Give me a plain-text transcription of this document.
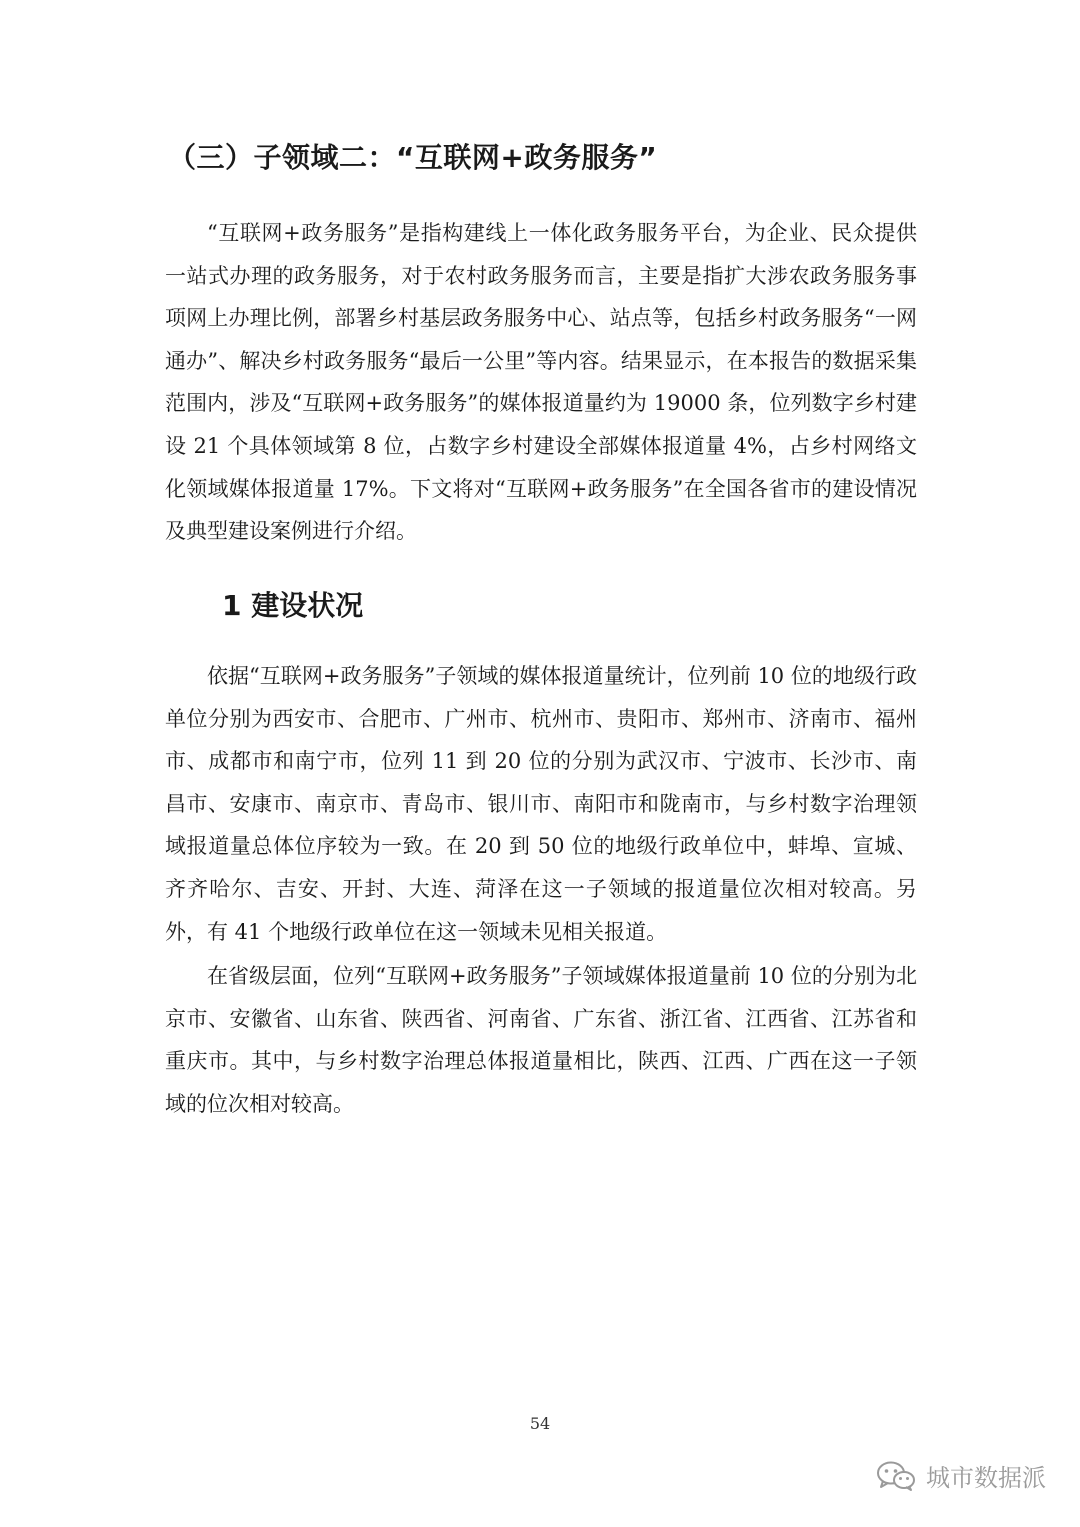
（三）子领域二：“互联网+政务服务”

“互联网+政务服务”是指构建线上一体化政务服务平台，为企业、民众提供一站式办理的政务服务，对于农村政务服务而言，主要是指扩大涉农政务服务事项网上办理比例，部署乡村基层政务服务中心、站点等，包括乡村政务服务“一网通办”、解决乡村政务服务“最后一公里”等内容。结果显示，在本报告的数据采集范围内，涉及“互联网+政务服务”的媒体报道量约为 19000 条，位列数字乡村建设 21 个具体领域第 8 位，占数字乡村建设全部媒体报道量 4%，占乡村网络文化领域媒体报道量 17%。下文将对“互联网+政务服务”在全国各省市的建设情况及典型建设案例进行介绍。

1 建设状况

依据“互联网+政务服务”子领域的媒体报道量统计，位列前 10 位的地级行政单位分别为西安市、合肥市、广州市、杭州市、贵阳市、郑州市、济南市、福州市、成都市和南宁市，位列 11 到 20 位的分别为武汉市、宁波市、长沙市、南昌市、安康市、南京市、青岛市、银川市、南阳市和陇南市，与乡村数字治理领域报道量总体位序较为一致。在 20 到 50 位的地级行政单位中，蚌埠、宣城、齐齐哈尔、吉安、开封、大连、菏泽在这一子领域的报道量位次相对较高。另外，有 41 个地级行政单位在这一领域未见相关报道。

在省级层面，位列“互联网+政务服务”子领域媒体报道量前 10 位的分别为北京市、安徽省、山东省、陕西省、河南省、广东省、浙江省、江西省、江苏省和重庆市。其中，与乡村数字治理总体报道量相比，陕西、江西、广西在这一子领域的位次相对较高。

54
城市数据派
